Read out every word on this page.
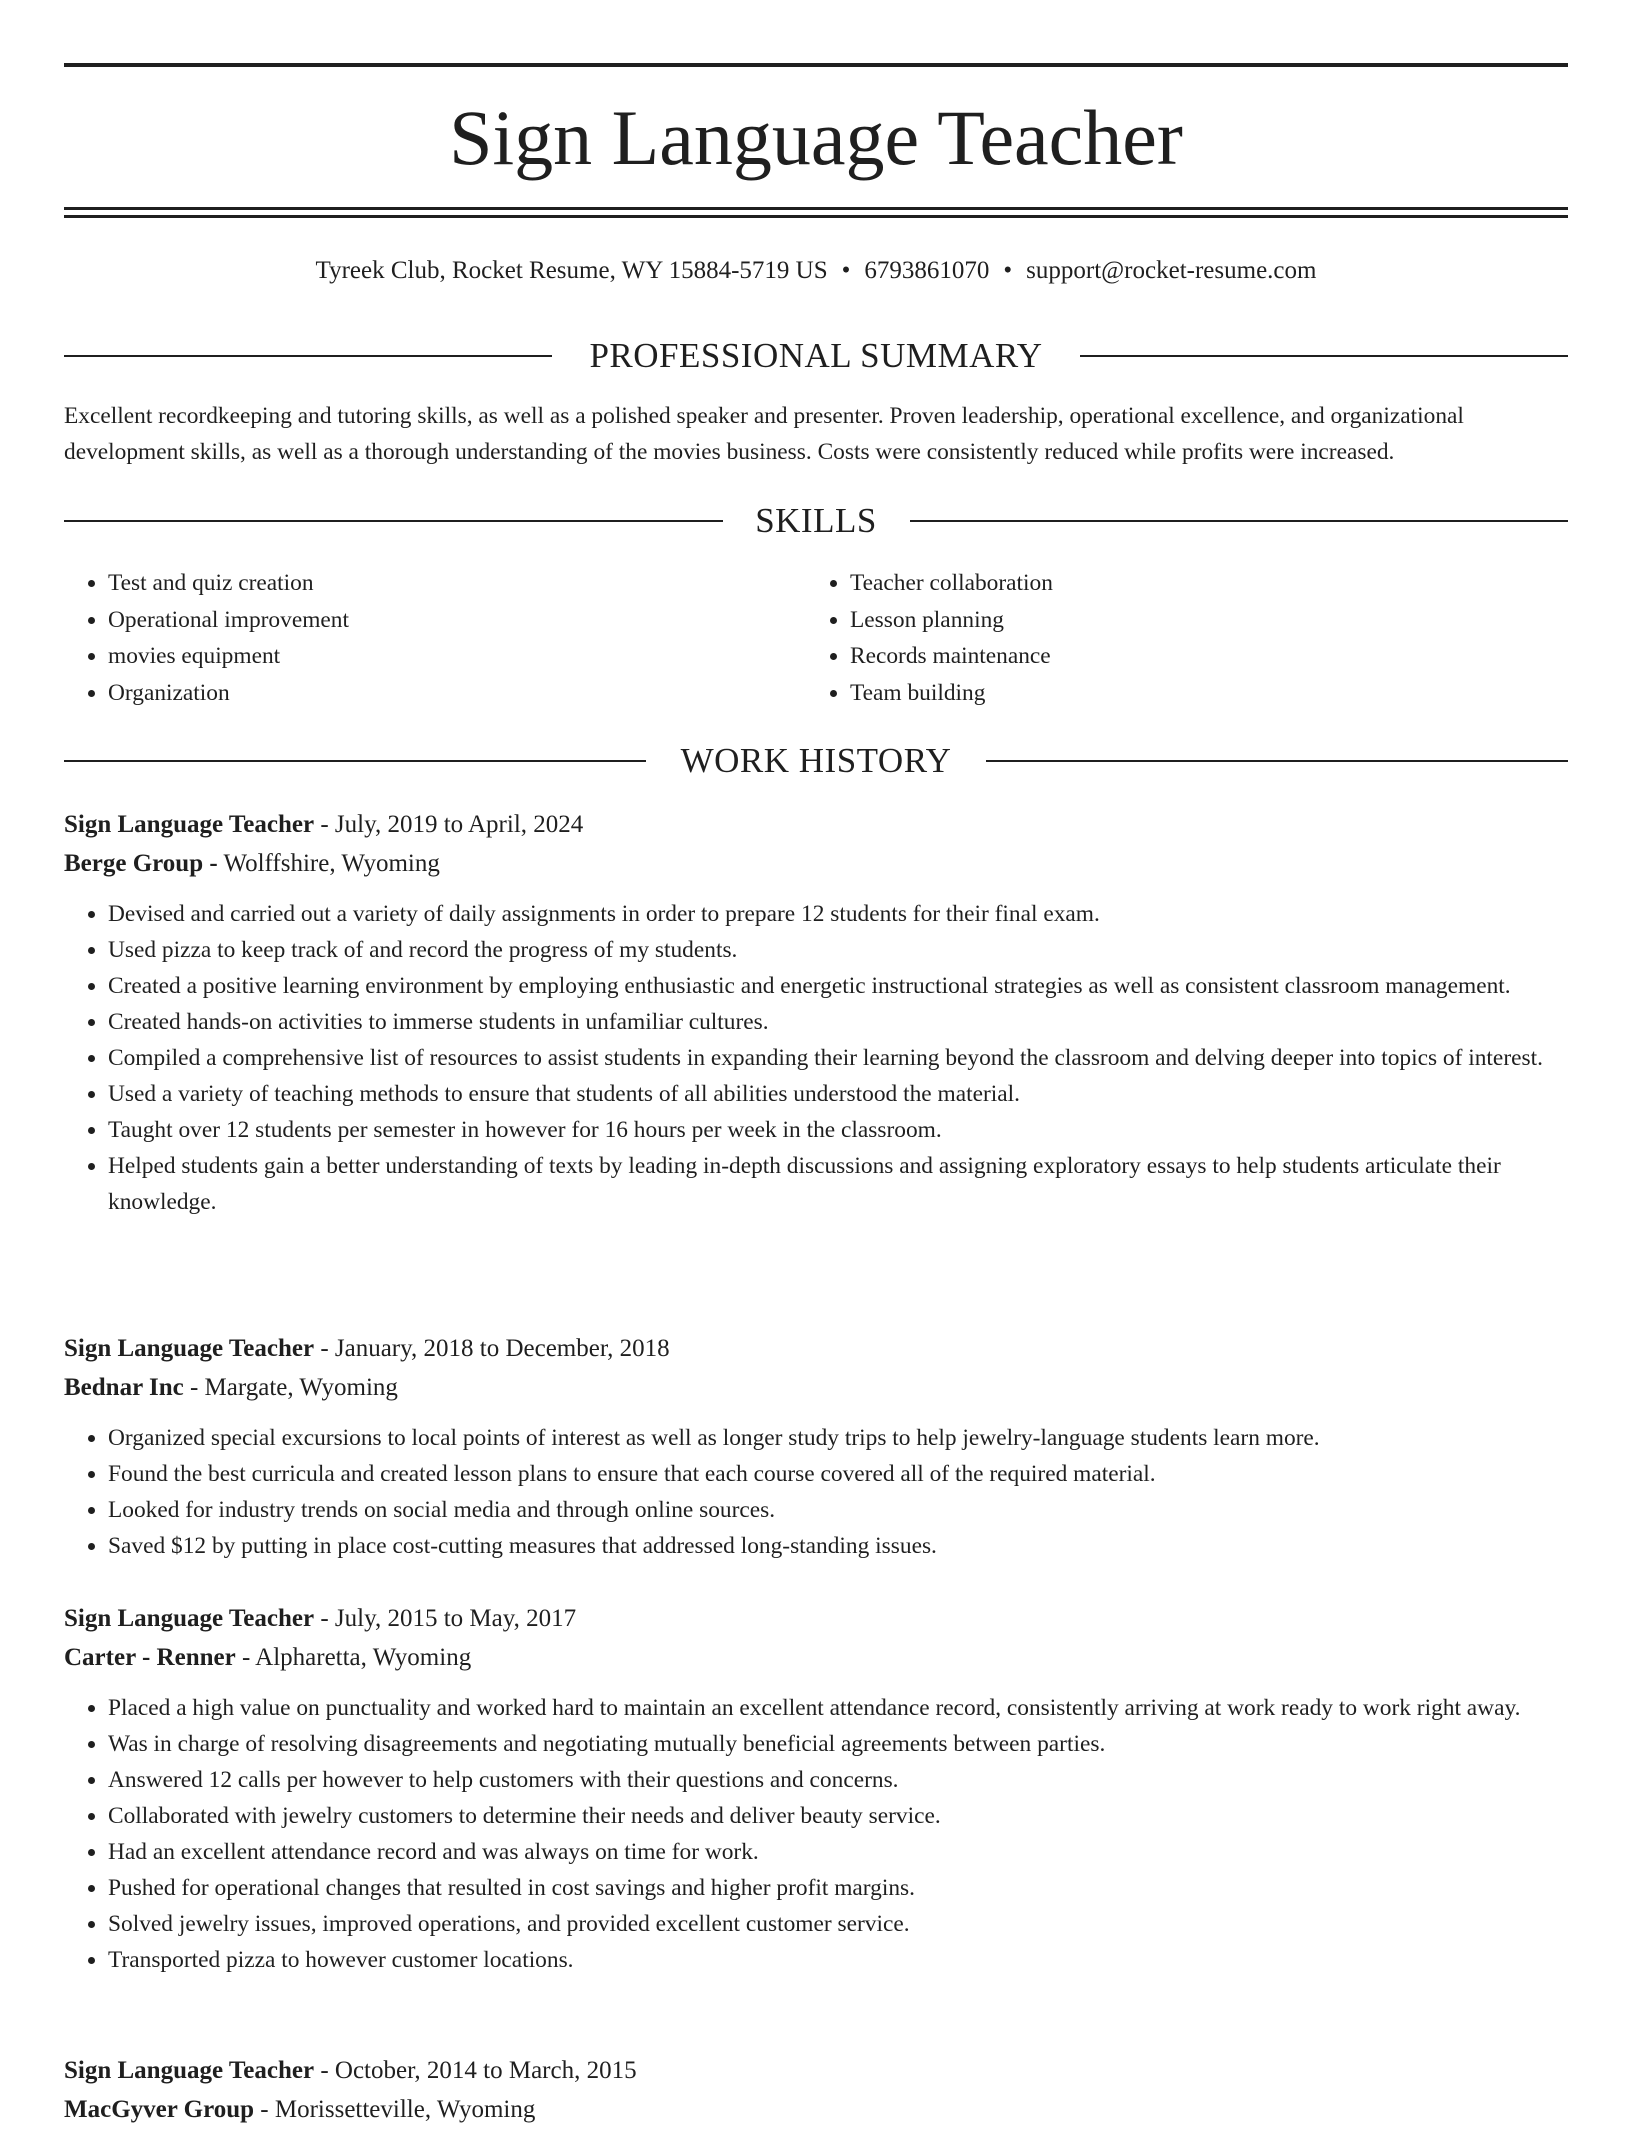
Sign Language Teacher
Tyreek Club, Rocket Resume, WY 15884-5719 US • 6793861070 • support@rocket-resume.com
PROFESSIONAL SUMMARY
Excellent recordkeeping and tutoring skills, as well as a polished speaker and presenter. Proven leadership, operational excellence, and organizational development skills, as well as a thorough understanding of the movies business. Costs were consistently reduced while profits were increased.
SKILLS
• Test and quiz creation
• Operational improvement
• movies equipment
• Organization
• Teacher collaboration
• Lesson planning
• Records maintenance
• Team building
WORK HISTORY
Sign Language Teacher - July, 2019 to April, 2024
Berge Group - Wolffshire, Wyoming
• Devised and carried out a variety of daily assignments in order to prepare 12 students for their final exam.
• Used pizza to keep track of and record the progress of my students.
• Created a positive learning environment by employing enthusiastic and energetic instructional strategies as well as consistent classroom management.
• Created hands-on activities to immerse students in unfamiliar cultures.
• Compiled a comprehensive list of resources to assist students in expanding their learning beyond the classroom and delving deeper into topics of interest.
• Used a variety of teaching methods to ensure that students of all abilities understood the material.
• Taught over 12 students per semester in however for 16 hours per week in the classroom.
• Helped students gain a better understanding of texts by leading in-depth discussions and assigning exploratory essays to help students articulate their knowledge.
Sign Language Teacher - January, 2018 to December, 2018
Bednar Inc - Margate, Wyoming
• Organized special excursions to local points of interest as well as longer study trips to help jewelry-language students learn more.
• Found the best curricula and created lesson plans to ensure that each course covered all of the required material.
• Looked for industry trends on social media and through online sources.
• Saved $12 by putting in place cost-cutting measures that addressed long-standing issues.
Sign Language Teacher - July, 2015 to May, 2017
Carter - Renner - Alpharetta, Wyoming
• Placed a high value on punctuality and worked hard to maintain an excellent attendance record, consistently arriving at work ready to work right away.
• Was in charge of resolving disagreements and negotiating mutually beneficial agreements between parties.
• Answered 12 calls per however to help customers with their questions and concerns.
• Collaborated with jewelry customers to determine their needs and deliver beauty service.
• Had an excellent attendance record and was always on time for work.
• Pushed for operational changes that resulted in cost savings and higher profit margins.
• Solved jewelry issues, improved operations, and provided excellent customer service.
• Transported pizza to however customer locations.
Sign Language Teacher - October, 2014 to March, 2015
MacGyver Group - Morissetteville, Wyoming
